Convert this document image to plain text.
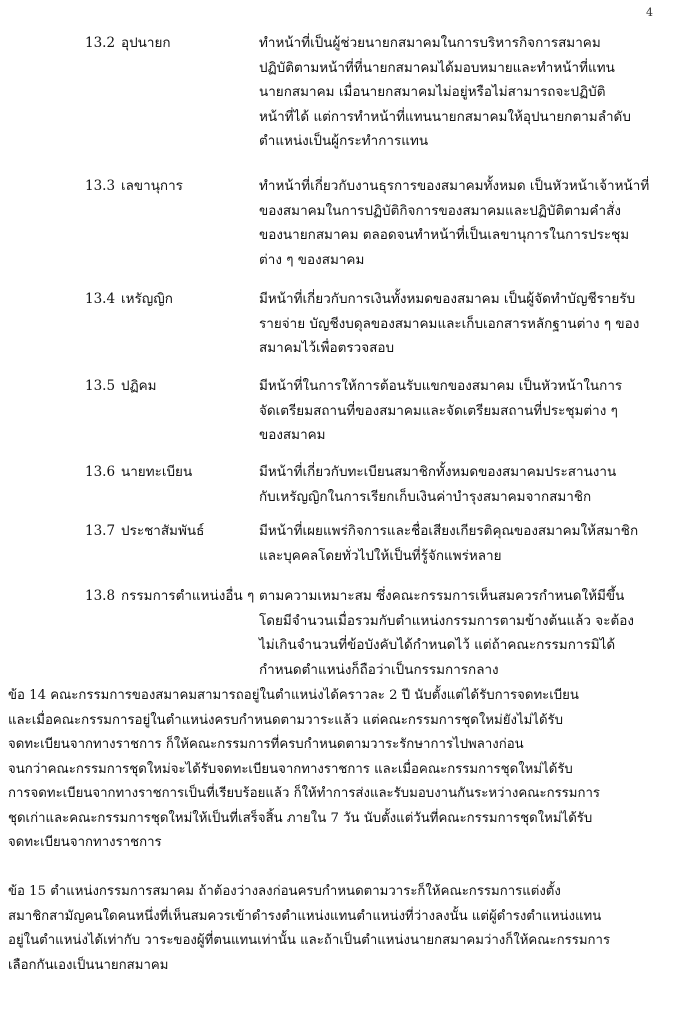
4
13.2 อุปนายก	ทำหน้าที่เป็นผู้ช่วยนายกสมาคมในการบริหารกิจการสมาคม
ปฏิบัติตามหน้าที่ที่นายกสมาคมได้มอบหมายและทำหน้าที่แทน
นายกสมาคม เมื่อนายกสมาคมไม่อยู่หรือไม่สามารถจะปฏิบัติ
หน้าที่ได้ แต่การทำหน้าที่แทนนายกสมาคมให้อุปนายกตามลำดับ
ตำแหน่งเป็นผู้กระทำการแทน
13.3 เลขานุการ	ทำหน้าที่เกี่ยวกับงานธุรการของสมาคมทั้งหมด เป็นหัวหน้าเจ้าหน้าที่
ของสมาคมในการปฏิบัติกิจการของสมาคมและปฏิบัติตามคำสั่ง
ของนายกสมาคม ตลอดจนทำหน้าที่เป็นเลขานุการในการประชุม
ต่าง ๆ ของสมาคม
13.4 เหรัญญิก	มีหน้าที่เกี่ยวกับการเงินทั้งหมดของสมาคม เป็นผู้จัดทำบัญชีรายรับ
รายจ่าย บัญชีงบดุลของสมาคมและเก็บเอกสารหลักฐานต่าง ๆ ของ
สมาคมไว้เพื่อตรวจสอบ
13.5 ปฏิคม	มีหน้าที่ในการให้การต้อนรับแขกของสมาคม เป็นหัวหน้าในการ
จัดเตรียมสถานที่ของสมาคมและจัดเตรียมสถานที่ประชุมต่าง ๆ
ของสมาคม
13.6 นายทะเบียน	มีหน้าที่เกี่ยวกับทะเบียนสมาชิกทั้งหมดของสมาคมประสานงาน
กับเหรัญญิกในการเรียกเก็บเงินค่าบำรุงสมาคมจากสมาชิก
13.7 ประชาสัมพันธ์	มีหน้าที่เผยแพร่กิจการและชื่อเสียงเกียรติคุณของสมาคมให้สมาชิก
และบุคคลโดยทั่วไปให้เป็นที่รู้จักแพร่หลาย
13.8 กรรมการตำแหน่งอื่น ๆ ตามความเหมาะสม ซึ่งคณะกรรมการเห็นสมควรกำหนดให้มีขึ้น
โดยมีจำนวนเมื่อรวมกับตำแหน่งกรรมการตามข้างต้นแล้ว จะต้อง
ไม่เกินจำนวนที่ข้อบังคับได้กำหนดไว้ แต่ถ้าคณะกรรมการมิได้
กำหนดตำแหน่งก็ถือว่าเป็นกรรมการกลาง
ข้อ 14 คณะกรรมการของสมาคมสามารถอยู่ในตำแหน่งได้คราวละ 2 ปี นับตั้งแต่ได้รับการจดทะเบียน
และเมื่อคณะกรรมการอยู่ในตำแหน่งครบกำหนดตามวาระแล้ว แต่คณะกรรมการชุดใหม่ยังไม่ได้รับ
จดทะเบียนจากทางราชการ ก็ให้คณะกรรมการที่ครบกำหนดตามวาระรักษาการไปพลางก่อน
จนกว่าคณะกรรมการชุดใหม่จะได้รับจดทะเบียนจากทางราชการ และเมื่อคณะกรรมการชุดใหม่ได้รับ
การจดทะเบียนจากทางราชการเป็นที่เรียบร้อยแล้ว ก็ให้ทำการส่งและรับมอบงานกันระหว่างคณะกรรมการ
ชุดเก่าและคณะกรรมการชุดใหม่ให้เป็นที่เสร็จสิ้น ภายใน 7 วัน นับตั้งแต่วันที่คณะกรรมการชุดใหม่ได้รับ
จดทะเบียนจากทางราชการ
ข้อ 15 ตำแหน่งกรรมการสมาคม ถ้าต้องว่างลงก่อนครบกำหนดตามวาระก็ให้คณะกรรมการแต่งตั้ง
สมาชิกสามัญคนใดคนหนึ่งที่เห็นสมควรเข้าดำรงตำแหน่งแทนตำแหน่งที่ว่างลงนั้น แต่ผู้ดำรงตำแหน่งแทน
อยู่ในตำแหน่งได้เท่ากับ วาระของผู้ที่ตนแทนเท่านั้น และถ้าเป็นตำแหน่งนายกสมาคมว่างก็ให้คณะกรรมการ
เลือกกันเองเป็นนายกสมาคม
